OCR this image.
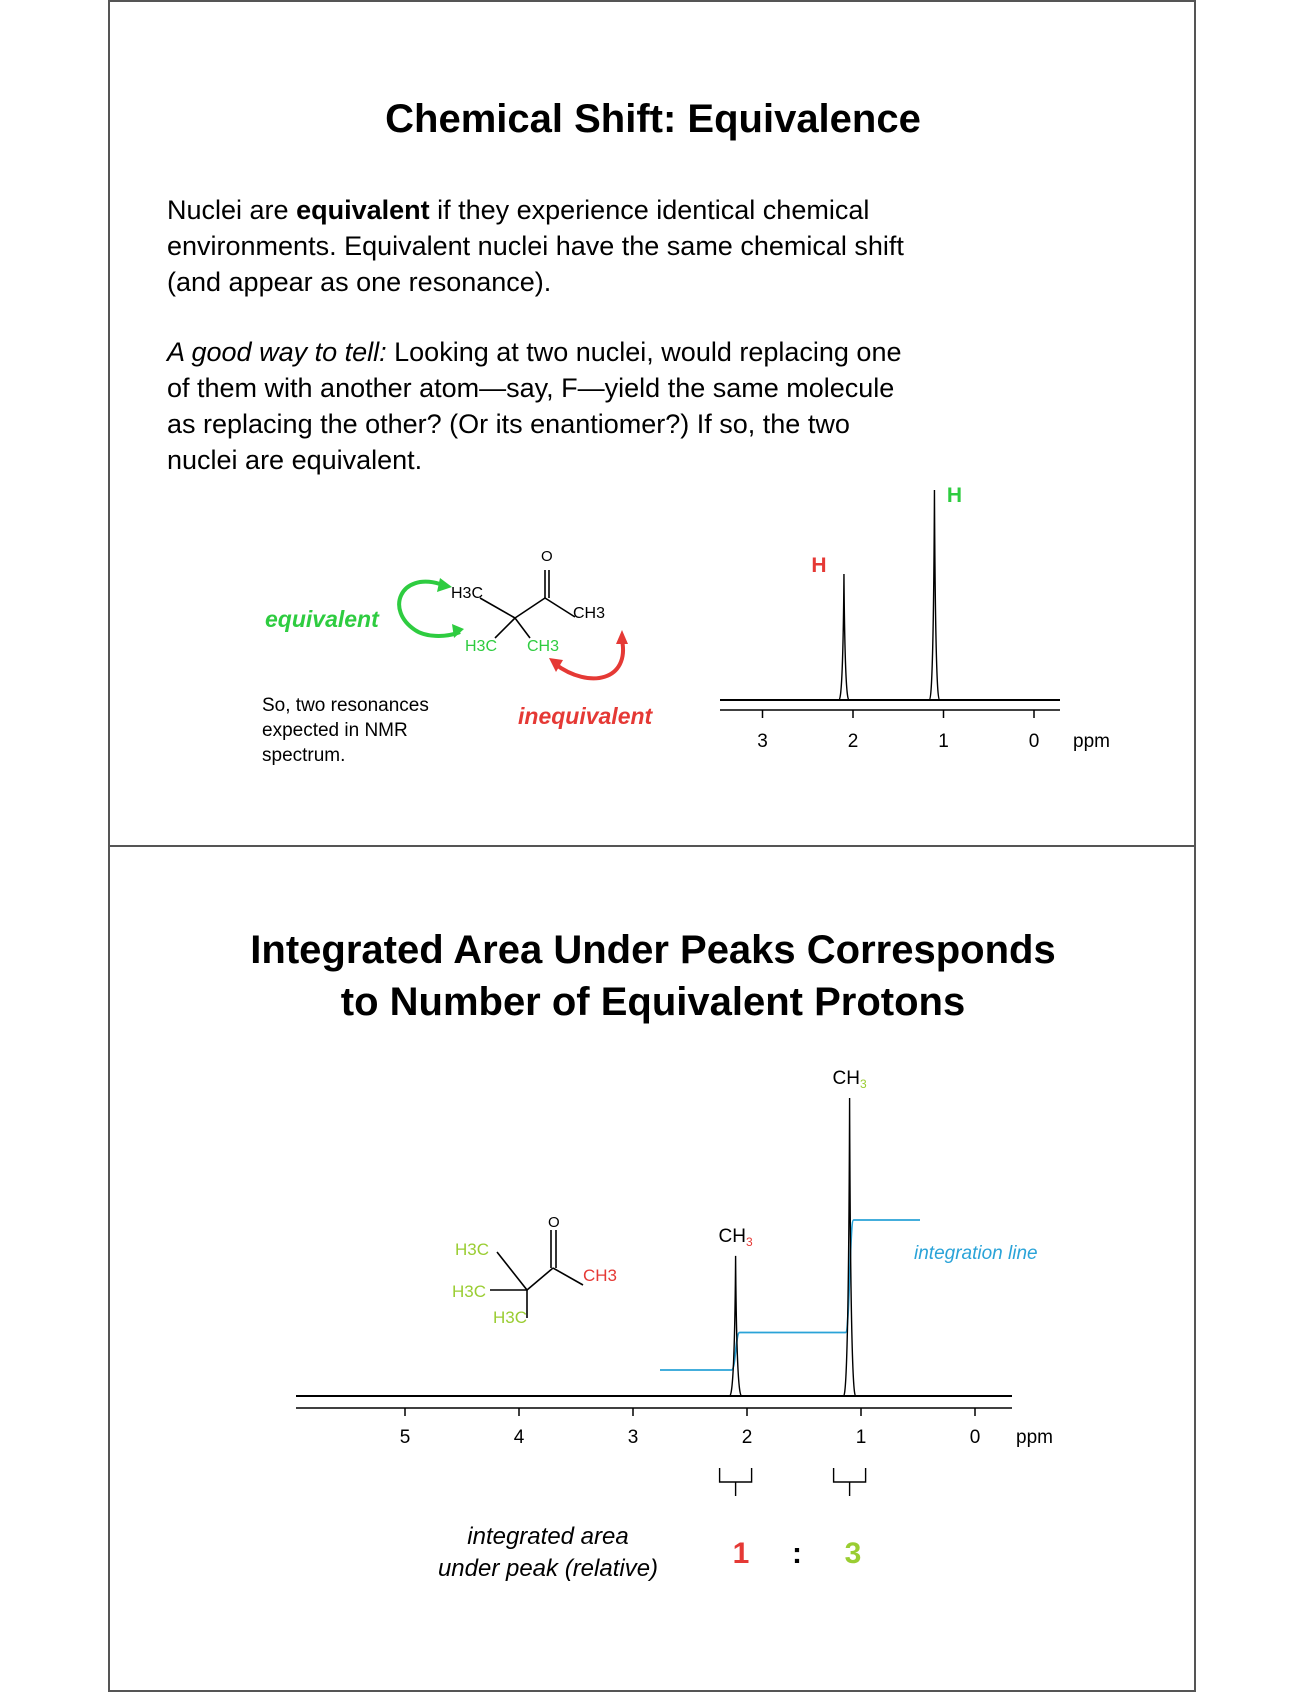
Chemical Shift: Equivalence
Nuclei are equivalent if they experience identical chemical environments. Equivalent nuclei have the same chemical shift (and appear as one resonance).
A good way to tell: Looking at two nuclei, would replacing one of them with another atom—say, F—yield the same molecule as replacing the other? (Or its enantiomer?) If so, the two nuclei are equivalent.
O
H3C
CH3
H3C CH3
equivalent
inequivalent
So, two resonances
expected in NMR
spectrum.
H
H
3	2	1	0 ppm
Integrated Area Under Peaks Corresponds
to Number of Equivalent Protons
O
H3C
H3C
H3C
CH3
$CH_3$
$CH_3$
5	4	3	2	1	0 ppm
integration line
integrated area
under peak (relative) 1 : 3
